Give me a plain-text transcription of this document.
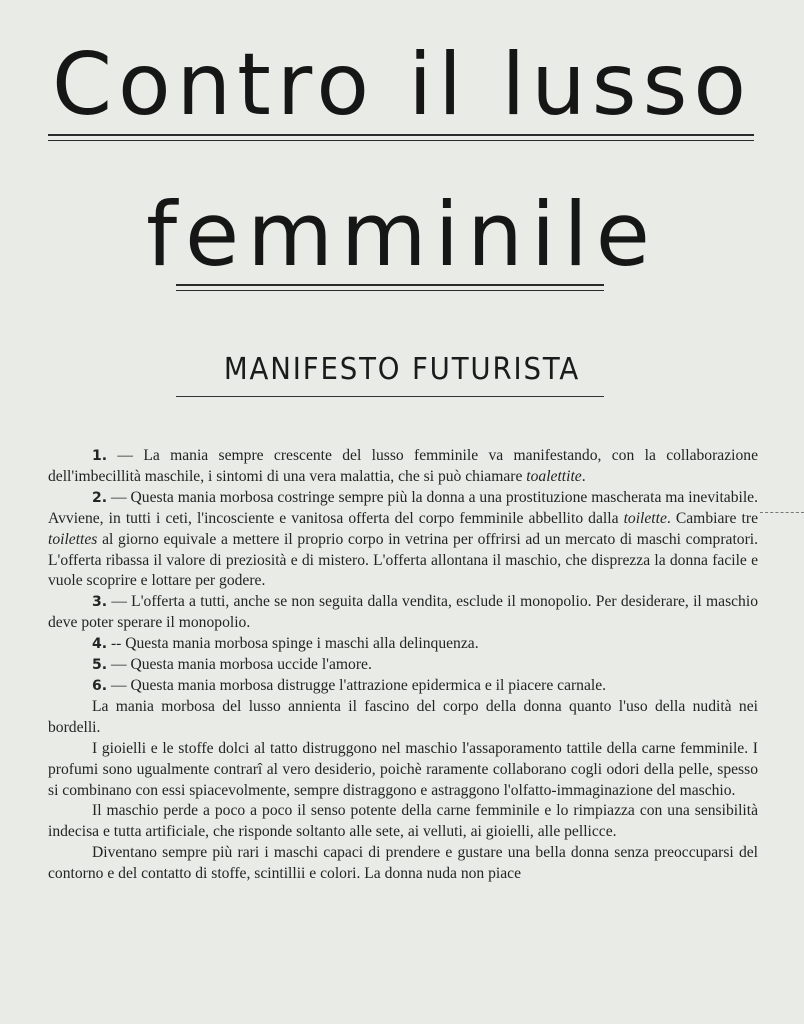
Contro il lusso
femminile
MANIFESTO FUTURISTA

1. — La mania sempre crescente del lusso femminile va manifestando, con la collaborazione dell'imbecillità maschile, i sintomi di una vera malattia, che si può chiamare toalettite.

2. — Questa mania morbosa costringe sempre più la donna a una prostituzione mascherata ma inevitabile. Avviene, in tutti i ceti, l'incosciente e vanitosa offerta del corpo femminile abbellito dalla toilette. Cambiare tre toilettes al giorno equivale a mettere il proprio corpo in vetrina per offrirsi ad un mercato di maschi compratori. L'offerta ribassa il valore di preziosità e di mistero. L'offerta allontana il maschio, che disprezza la donna facile e vuole scoprire e lottare per godere.

3. — L'offerta a tutti, anche se non seguita dalla vendita, esclude il monopolio. Per desiderare, il maschio deve poter sperare il monopolio.

4. -- Questa mania morbosa spinge i maschi alla delinquenza.

5. — Questa mania morbosa uccide l'amore.

6. — Questa mania morbosa distrugge l'attrazione epidermica e il piacere carnale.

La mania morbosa del lusso annienta il fascino del corpo della donna quanto l'uso della nudità nei bordelli.

I gioielli e le stoffe dolci al tatto distruggono nel maschio l'assaporamento tattile della carne femminile. I profumi sono ugualmente contrarî al vero desiderio, poichè raramente collaborano cogli odori della pelle, spesso si combinano con essi spiacevolmente, sempre distraggono e astraggono l'olfatto-immaginazione del maschio.

Il maschio perde a poco a poco il senso potente della carne femminile e lo rimpiazza con una sensibilità indecisa e tutta artificiale, che risponde soltanto alle sete, ai velluti, ai gioielli, alle pellicce.

Diventano sempre più rari i maschi capaci di prendere e gustare una bella donna senza preoccuparsi del contorno e del contatto di stoffe, scintillii e colori. La donna nuda non piace
